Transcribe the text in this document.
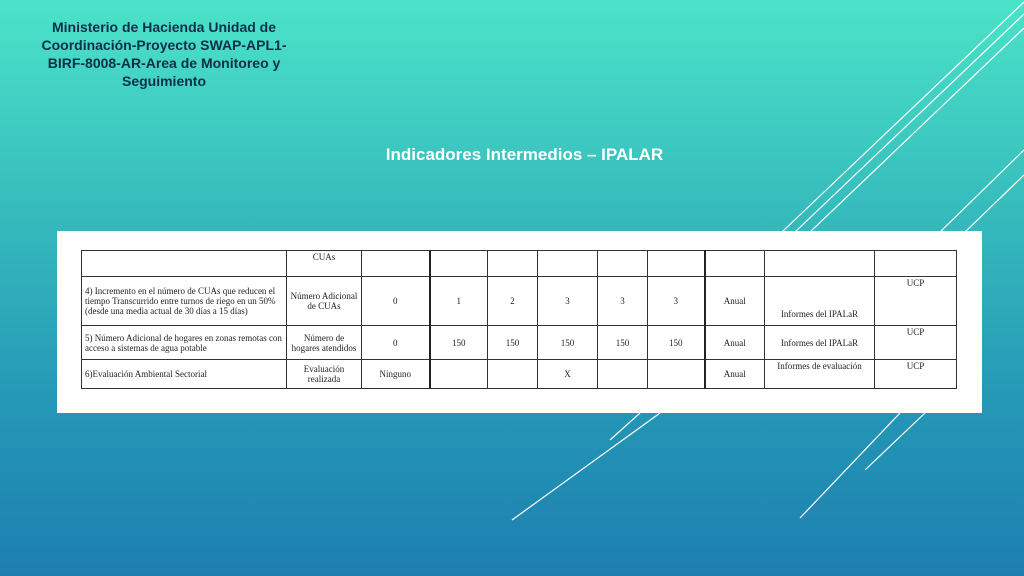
Ministerio de Hacienda Unidad de Coordinación-Proyecto SWAP-APL1-BIRF-8008-AR-Area de Monitoreo y Seguimiento
Indicadores Intermedios – IPALAR
	CUAs									
4) Incremento en el número de CUAs que reducen el tiempo Transcurrido entre turnos de riego en un 50% (desde una media actual de 30 días a 15 días)	Número Adicional de CUAs	0	1	2	3	3	3	Anual	Informes del IPALaR	UCP
5) Número Adicional de hogares en zonas remotas con acceso a sistemas de agua potable	Número de hogares atendidos	0	150	150	150	150	150	Anual	Informes del IPALaR	UCP
6)Evaluación Ambiental Sectorial	Evaluación realizada	Ninguno			X			Anual	Informes de evaluación	UCP
